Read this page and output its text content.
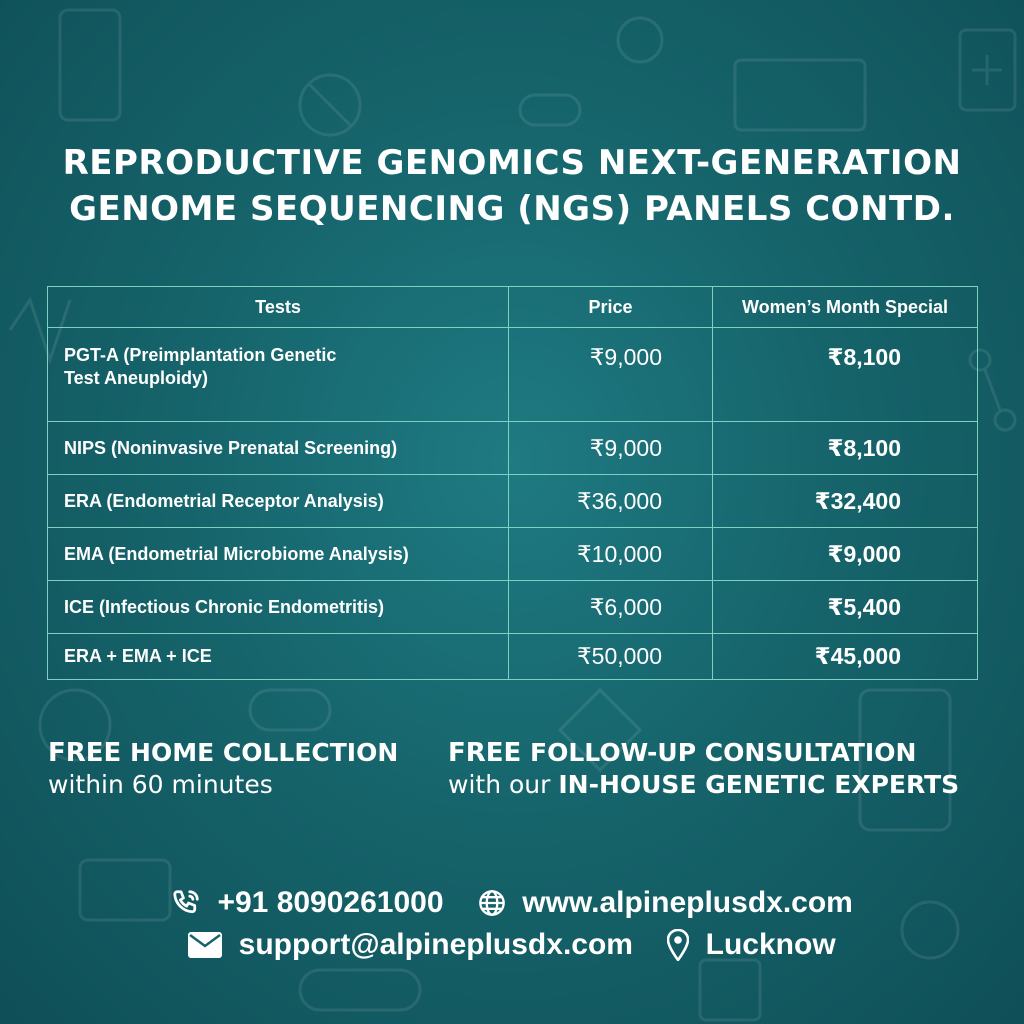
REPRODUCTIVE GENOMICS NEXT-GENERATION
GENOME SEQUENCING (NGS) PANELS CONTD.
Tests	Price	Women’s Month Special

PGT-A (Preimplantation Genetic
Test Aneuploidy)	₹9,000	₹8,100
NIPS (Noninvasive Prenatal Screening)	₹9,000	₹8,100
ERA (Endometrial Receptor Analysis)	₹36,000	₹32,400
EMA (Endometrial Microbiome Analysis)	₹10,000	₹9,000
ICE (Infectious Chronic Endometritis)	₹6,000	₹5,400
ERA + EMA + ICE	₹50,000	₹45,000
FREE HOME COLLECTION
within 60 minutes
FREE FOLLOW-UP CONSULTATION
with our IN-HOUSE GENETIC EXPERTS
+91 8090261000	www.alpineplusdx.com
support@alpineplusdx.com Lucknow
